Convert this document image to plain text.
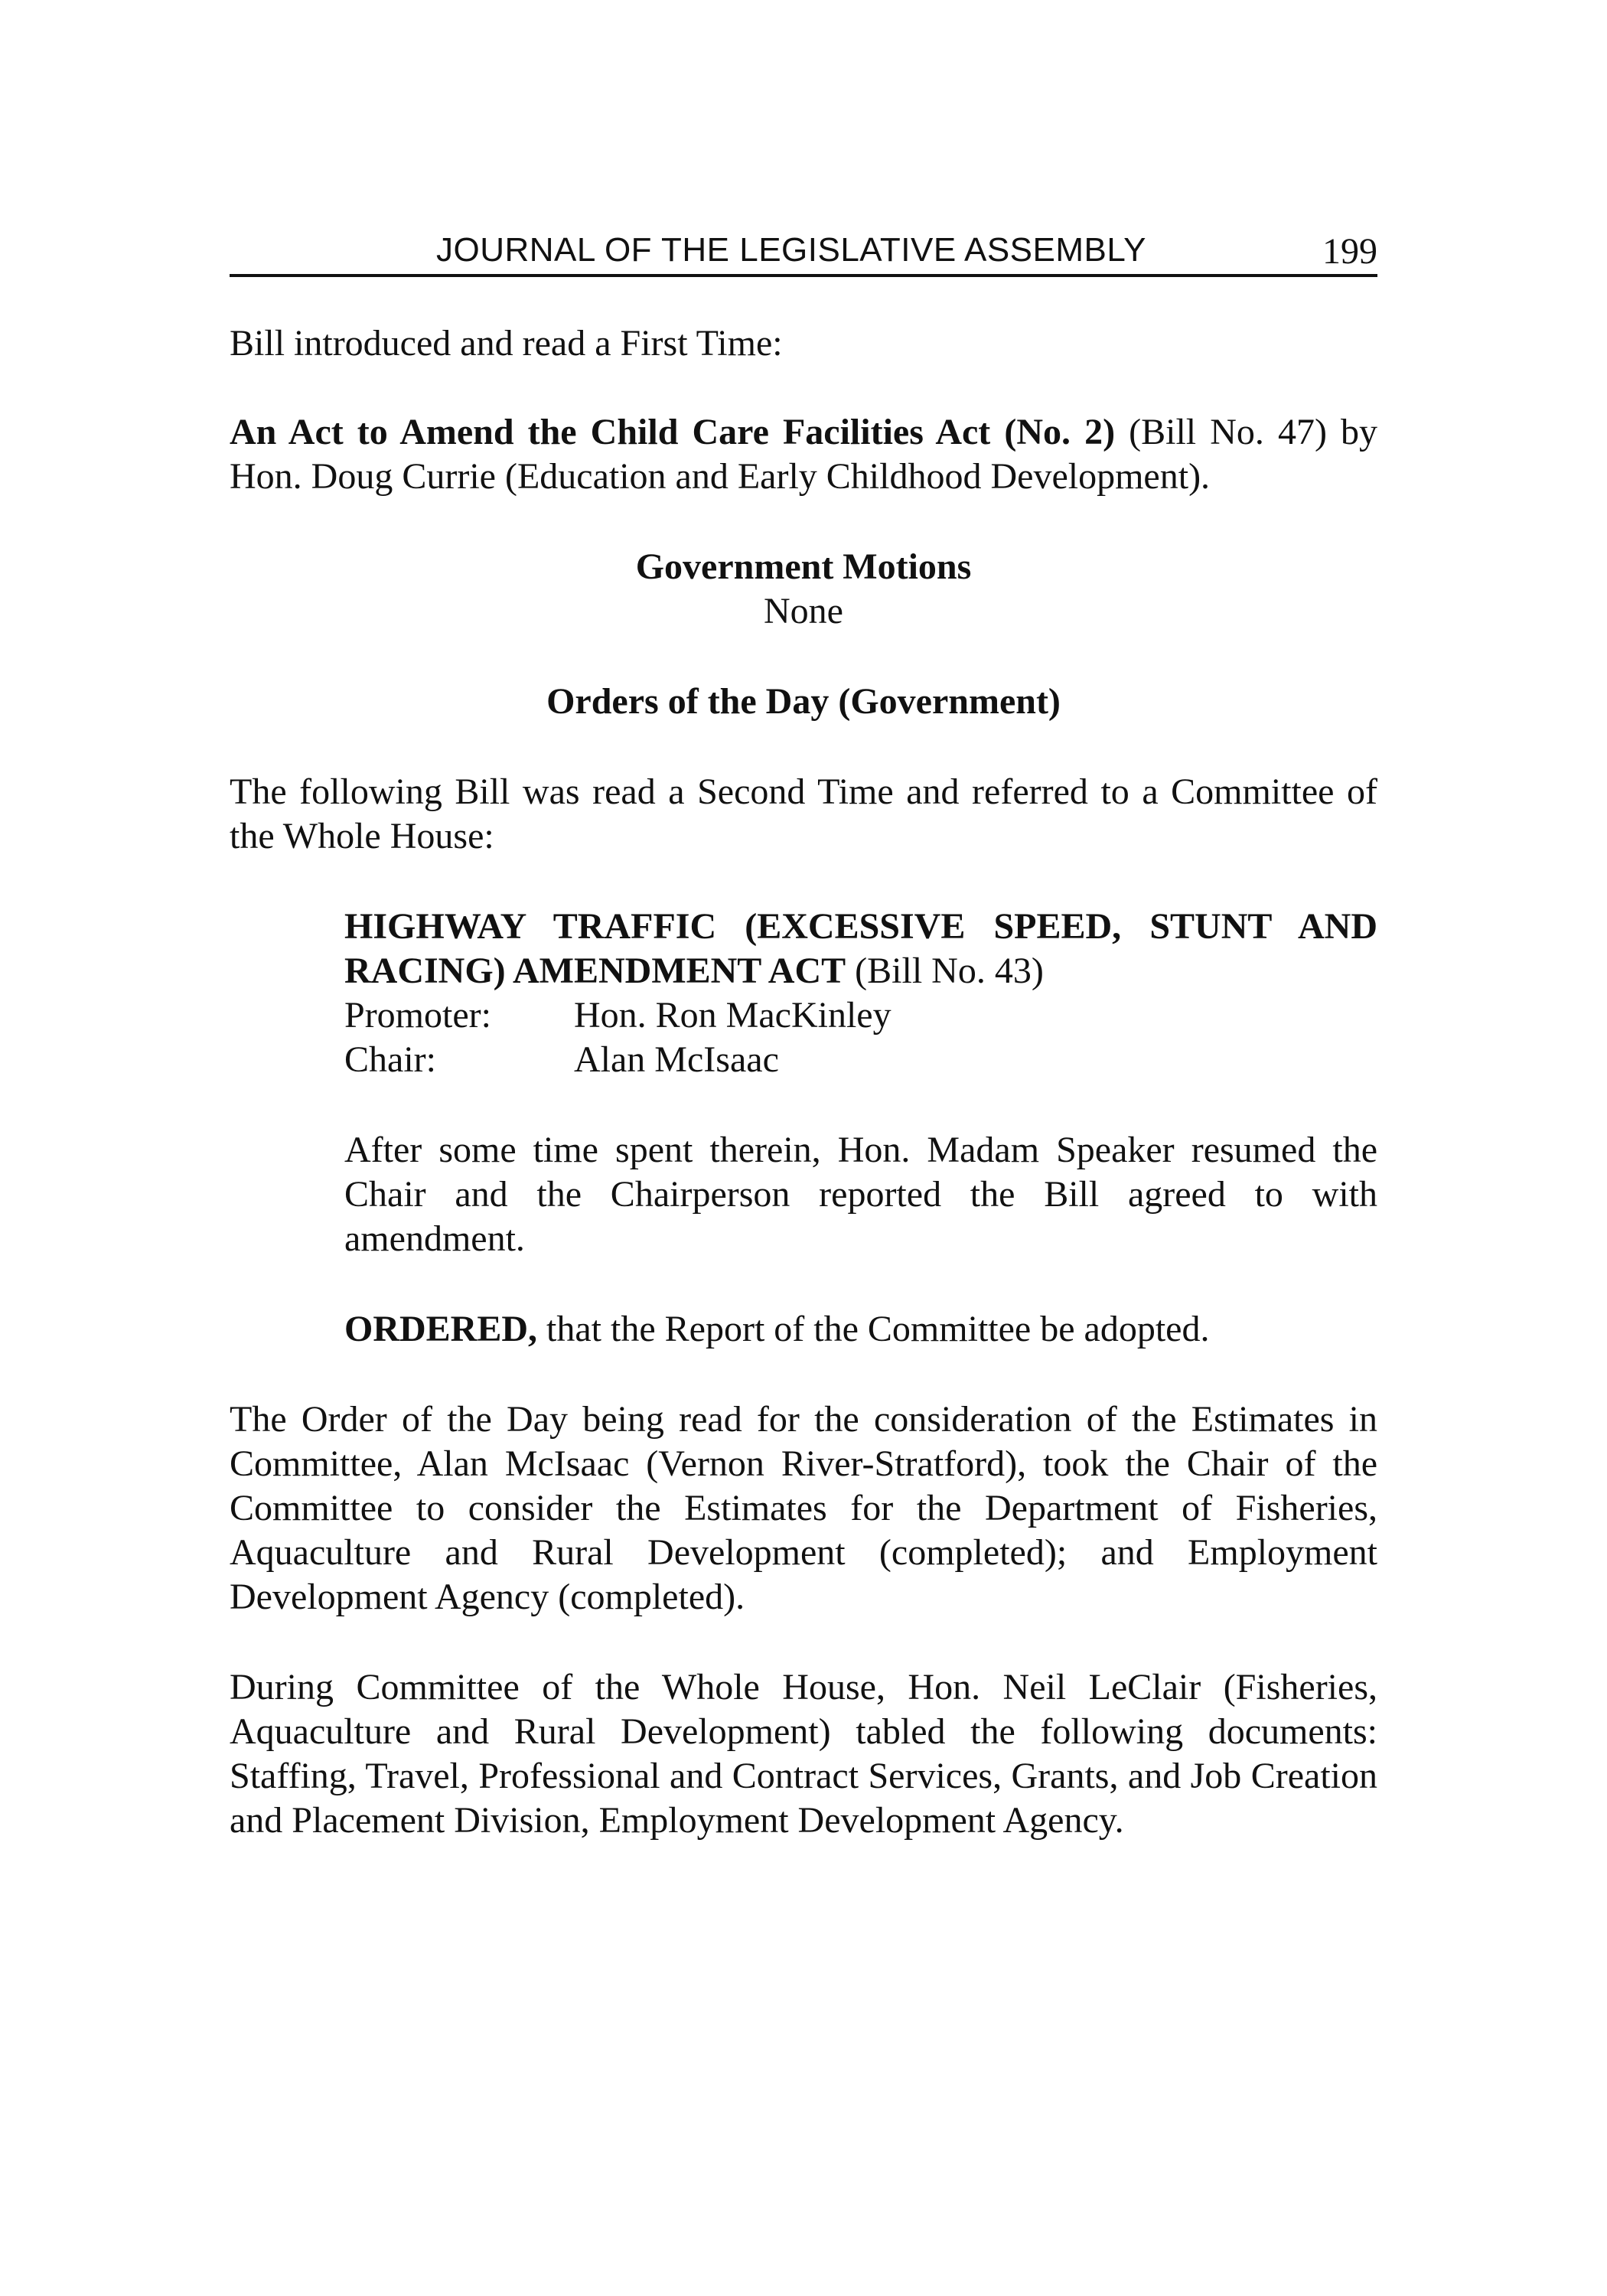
JOURNAL OF THE LEGISLATIVE ASSEMBLY	199

Bill introduced and read a First Time:

An Act to Amend the Child Care Facilities Act (No. 2) (Bill No. 47) by Hon. Doug Currie (Education and Early Childhood Development).

Government Motions

None

Orders of the Day (Government)

The following Bill was read a Second Time and referred to a Committee of the Whole House:

HIGHWAY TRAFFIC (EXCESSIVE SPEED, STUNT AND RACING) AMENDMENT ACT (Bill No. 43)

Promoter:	Hon. Ron MacKinley
Chair:	Alan McIsaac

After some time spent therein, Hon. Madam Speaker resumed the Chair and the Chairperson reported the Bill agreed to with amendment.

ORDERED, that the Report of the Committee be adopted.

The Order of the Day being read for the consideration of the Estimates in Committee, Alan McIsaac (Vernon River-Stratford), took the Chair of the Committee to consider the Estimates for the Department of Fisheries, Aquaculture and Rural Development (completed); and Employment Development Agency (completed).

During Committee of the Whole House, Hon. Neil LeClair (Fisheries, Aquaculture and Rural Development) tabled the following documents: Staffing, Travel, Professional and Contract Services, Grants, and Job Creation and Placement Division, Employment Development Agency.
